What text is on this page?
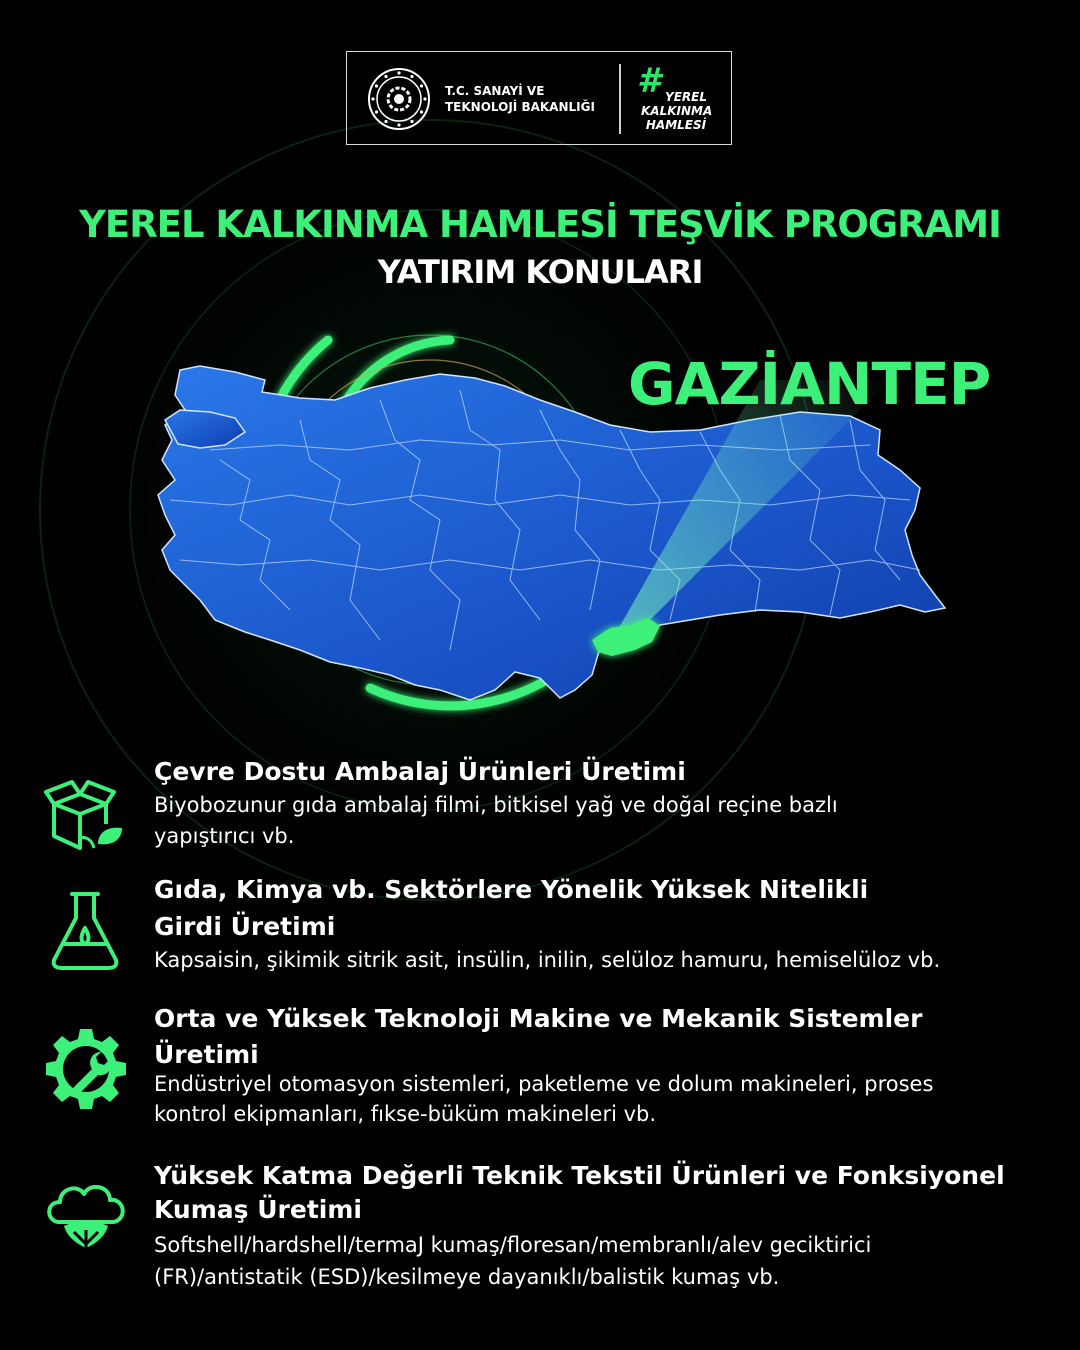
T.C. SANAYİ VE
TEKNOLOJİ BAKANLIĞI
# YEREL
KALKINMA
HAMLESİ
YEREL KALKINMA HAMLESİ TEŞVİK PROGRAMI
YATIRIM KONULARI
GAZİANTEP
Çevre Dostu Ambalaj Ürünleri Üretimi
Biyobozunur gıda ambalaj filmi, bitkisel yağ ve doğal reçine bazlı
yapıştırıcı vb.
Gıda, Kimya vb. Sektörlere Yönelik Yüksek Nitelikli
Girdi Üretimi
Kapsaisin, şikimik sitrik asit, insülin, inilin, selüloz hamuru, hemiselüloz vb.
Orta ve Yüksek Teknoloji Makine ve Mekanik Sistemler
Üretimi
Endüstriyel otomasyon sistemleri, paketleme ve dolum makineleri, proses
kontrol ekipmanları, fıkse-büküm makineleri vb.
Yüksek Katma Değerli Teknik Tekstil Ürünleri ve Fonksiyonel
Kumaş Üretimi
Softshell/hardshell/termaJ kumaş/floresan/membranlı/alev geciktirici
(FR)/antistatik (ESD)/kesilmeye dayanıklı/balistik kumaş vb.
